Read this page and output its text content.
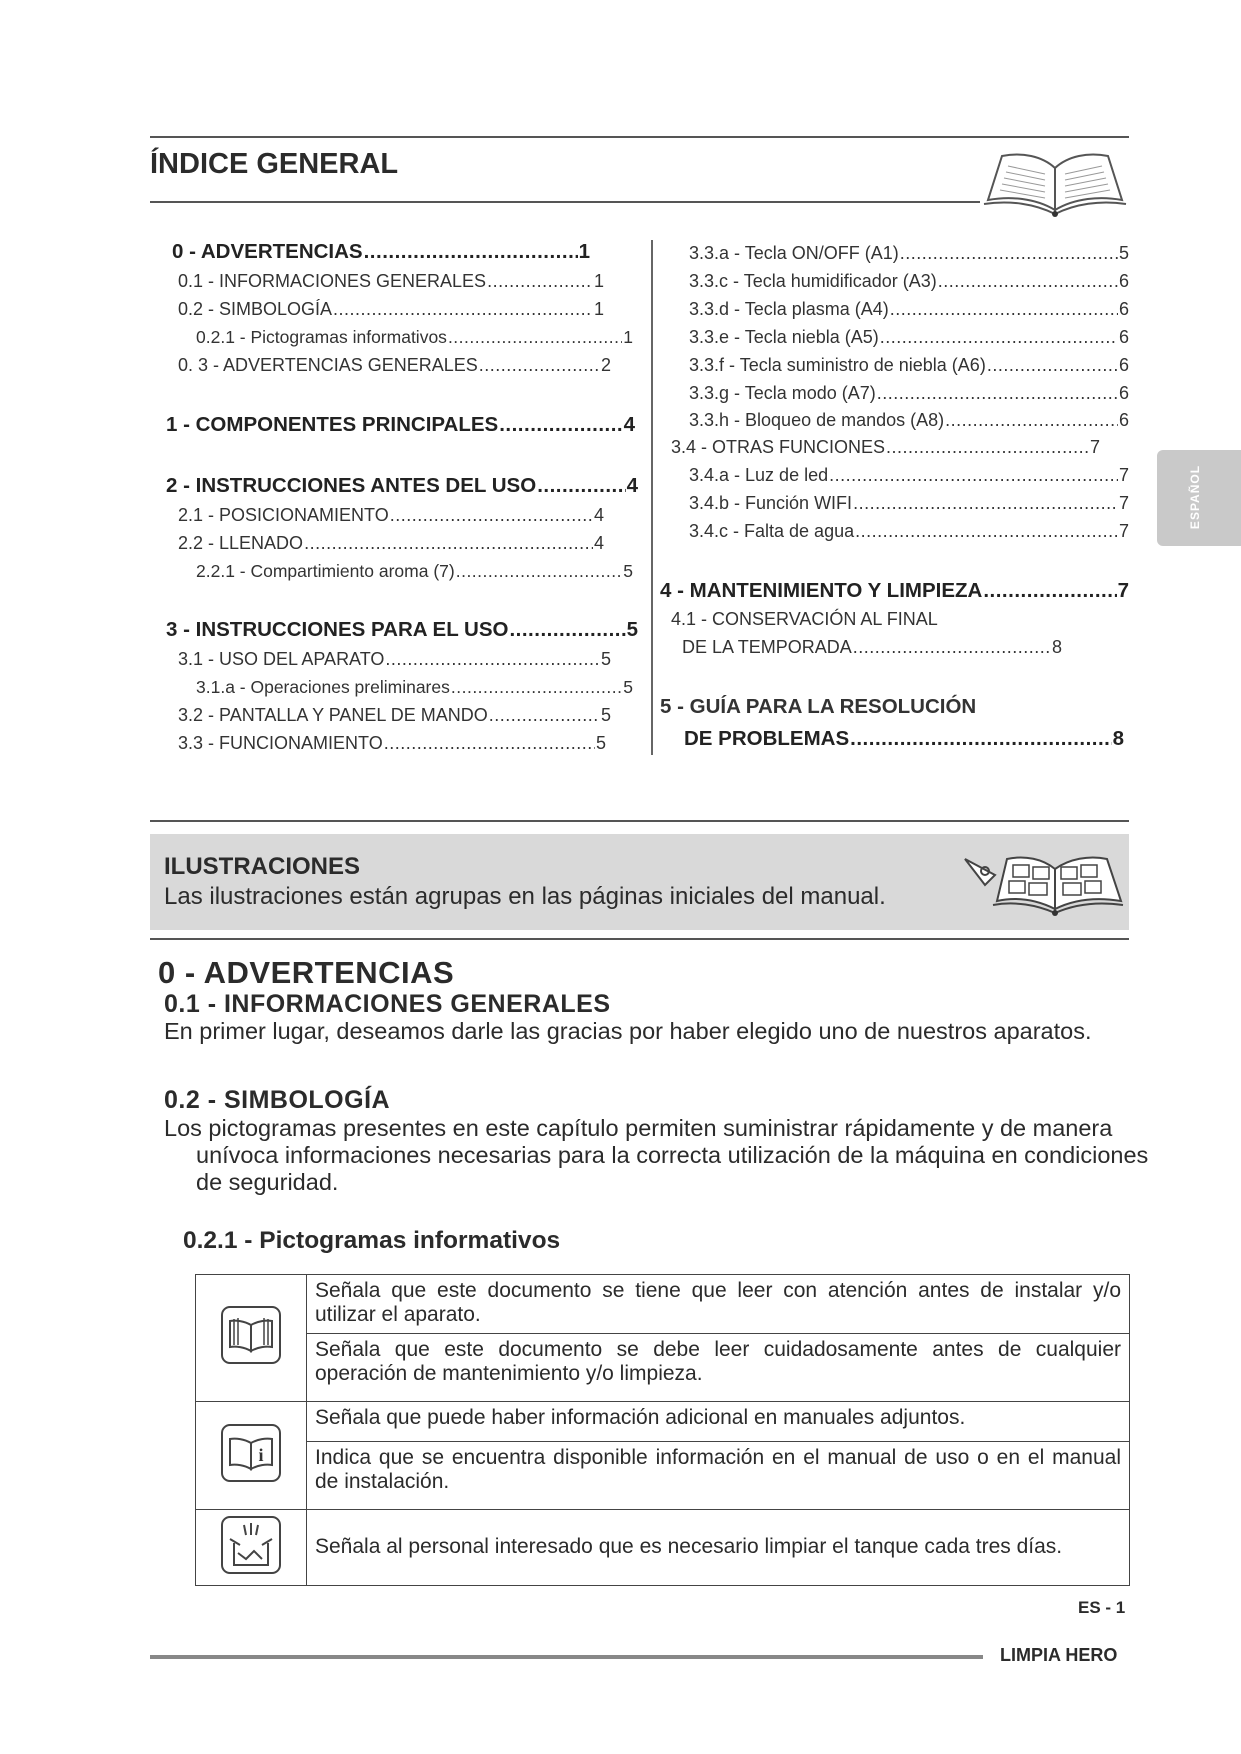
ÍNDICE GENERAL
0 - ADVERTENCIAS .....	1
0.1 - INFORMACIONES GENERALES .....	1
0.2 - SIMBOLOGÍA .....	1
0.2.1 - Pictogramas informativos .....	1
0. 3 - ADVERTENCIAS GENERALES .....	2
1 - COMPONENTES PRINCIPALES .....	4
2 - INSTRUCCIONES ANTES DEL USO .....	4
2.1 - POSICIONAMIENTO .....	4
2.2 - LLENADO .....	4
2.2.1 - Compartimiento aroma (7) .....	5
3 - INSTRUCCIONES PARA EL USO .....	5
3.1 - USO DEL APARATO .....	5
3.1.a - Operaciones preliminares .....	5
3.2 - PANTALLA Y PANEL DE MANDO .....	5
3.3 - FUNCIONAMIENTO .....	5
3.3.a - Tecla ON/OFF (A1) .....	5
3.3.c - Tecla humidificador (A3) .....	6
3.3.d - Tecla plasma (A4) .....	6
3.3.e - Tecla niebla (A5) .....	6
3.3.f - Tecla suministro de niebla (A6) .....	6
3.3.g - Tecla modo (A7) .....	6
3.3.h - Bloqueo de mandos (A8) .....	6
3.4 - OTRAS FUNCIONES .....	7
3.4.a - Luz de led .....	7
3.4.b - Función WIFI .....	7
3.4.c - Falta de agua .....	7
4 - MANTENIMIENTO Y LIMPIEZA .....	7
4.1 - CONSERVACIÓN AL FINAL
DE LA TEMPORADA .....	8
5 - GUÍA PARA LA RESOLUCIÓN
DE PROBLEMAS .....	8
ESPAÑOL
ILUSTRACIONES
Las ilustraciones están agrupas en las páginas iniciales del manual.
0 - ADVERTENCIAS
0.1 - INFORMACIONES GENERALES
En primer lugar, deseamos darle las gracias por haber elegido uno de nuestros aparatos.
0.2 - SIMBOLOGÍA
Los pictogramas presentes en este capítulo permiten suministrar rápidamente y de manera
unívoca informaciones necesarias para la correcta utilización de la máquina en condiciones
de seguridad.
0.2.1 - Pictogramas informativos
	Señala que este documento se tiene que leer con atención antes de instalar y/o utilizar el aparato.
	Señala que este documento se debe leer cuidadosamente antes de cualquier operación de mantenimiento y/o limpieza.

i	Señala que puede haber información adicional en manuales adjuntos.
	Indica que se encuentra disponible información en el manual de uso o en el manual de instalación.
	Señala al personal interesado que es necesario limpiar el tanque cada tres días.
ES - 1
LIMPIA HERO
